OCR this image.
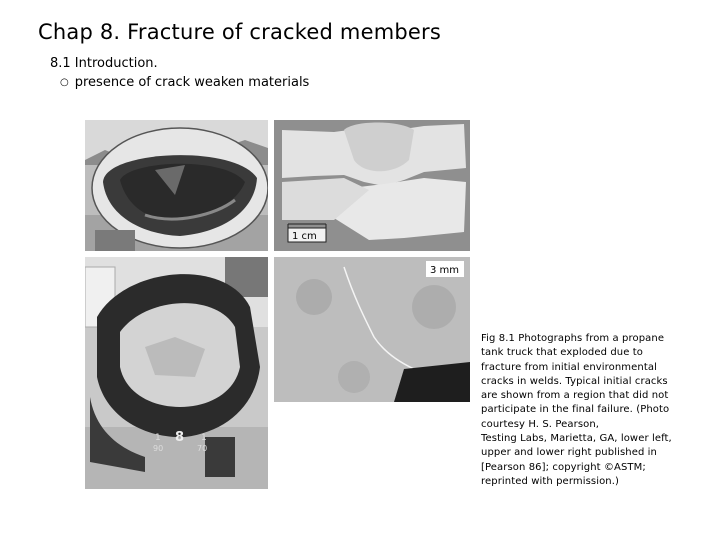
Chap 8. Fracture of cracked members
8.1 Introduction.
○ presence of crack weaken materials
1 cm
1 8 1
90	70
3 mm
Fig 8.1 Photographs from a propane
tank truck that exploded due to
fracture from initial environmental
cracks in welds. Typical initial cracks
are shown from a region that did not
participate in the final failure. (Photo
courtesy H. S. Pearson,
Testing Labs, Marietta, GA, lower left,
upper and lower right published in
[Pearson 86]; copyright ©ASTM;
reprinted with permission.)
